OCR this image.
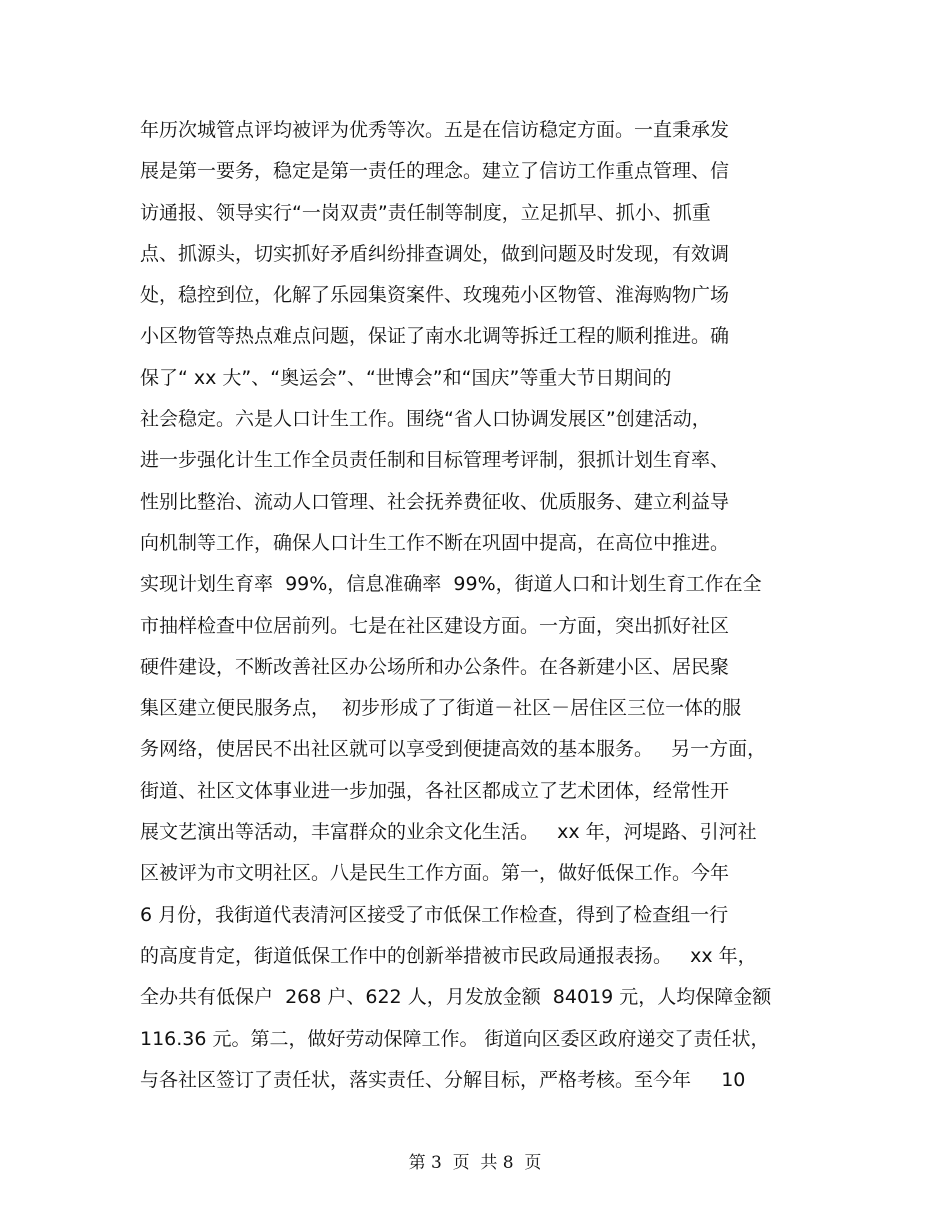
年历次城管点评均被评为优秀等次。五是在信访稳定方面。一直秉承发
展是第一要务，稳定是第一责任的理念。建立了信访工作重点管理、信
访通报、领导实行“一岗双责”责任制等制度，立足抓早、抓小、抓重
点、抓源头，切实抓好矛盾纠纷排查调处，做到问题及时发现，有效调
处，稳控到位，化解了乐园集资案件、玫瑰苑小区物管、淮海购物广场
小区物管等热点难点问题，保证了南水北调等拆迁工程的顺利推进。确
保了“ xx 大”、“奥运会”、“世博会”和“国庆”等重大节日期间的
社会稳定。六是人口计生工作。围绕“省人口协调发展区”创建活动，
进一步强化计生工作全员责任制和目标管理考评制，狠抓计划生育率、
性别比整治、流动人口管理、社会抚养费征收、优质服务、建立利益导
向机制等工作，确保人口计生工作不断在巩固中提高，在高位中推进。
实现计划生育率  99%，信息准确率  99%，街道人口和计划生育工作在全
市抽样检查中位居前列。七是在社区建设方面。一方面，突出抓好社区
硬件建设，不断改善社区办公场所和办公条件。在各新建小区、居民聚
集区建立便民服务点，  初步形成了了街道－社区－居住区三位一体的服
务网络，使居民不出社区就可以享受到便捷高效的基本服务。   另一方面，
街道、社区文体事业进一步加强，各社区都成立了艺术团体，经常性开
展文艺演出等活动，丰富群众的业余文化生活。   xx 年，河堤路、引河社
区被评为市文明社区。八是民生工作方面。第一，做好低保工作。今年
6 月份，我街道代表清河区接受了市低保工作检查，得到了检查组一行
的高度肯定，街道低保工作中的创新举措被市民政局通报表扬。   xx 年，
全办共有低保户  268 户、622 人，月发放金额  84019 元，人均保障金额
116.36 元。第二，做好劳动保障工作。 街道向区委区政府递交了责任状，
与各社区签订了责任状，落实责任、分解目标，严格考核。至今年     10
第 3  页  共 8  页
